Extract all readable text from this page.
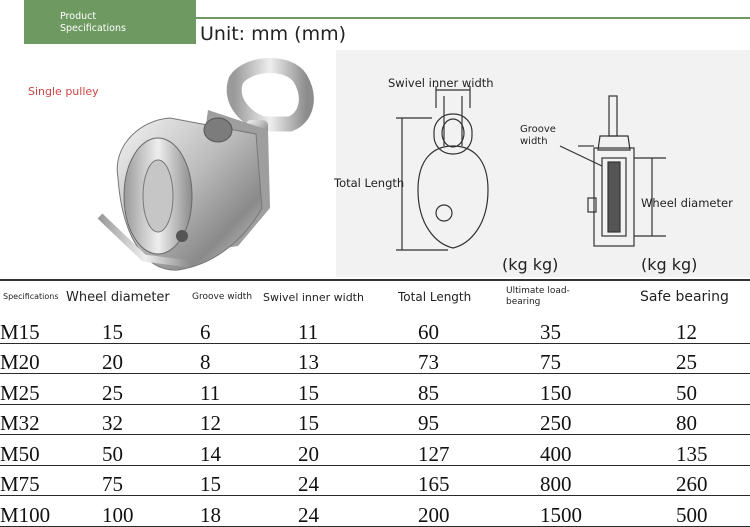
Product
Specifications	Unit: mm (mm)
Single pulley
Swivel inner width
Groove width
Total Length
Wheel diameter
(kg kg)	(kg kg)
Specifications	Wheel diameter	Groove width	Swivel inner width	Total Length	Ultimate load-bearing	Safe bearing
M15	15	6	11	60	35	12
M20	20	8	13	73	75	25
M25	25	11	15	85	150	50
M32	32	12	15	95	250	80
M50	50	14	20	127	400	135
M75	75	15	24	165	800	260
M100	100	18	24	200	1500	500
